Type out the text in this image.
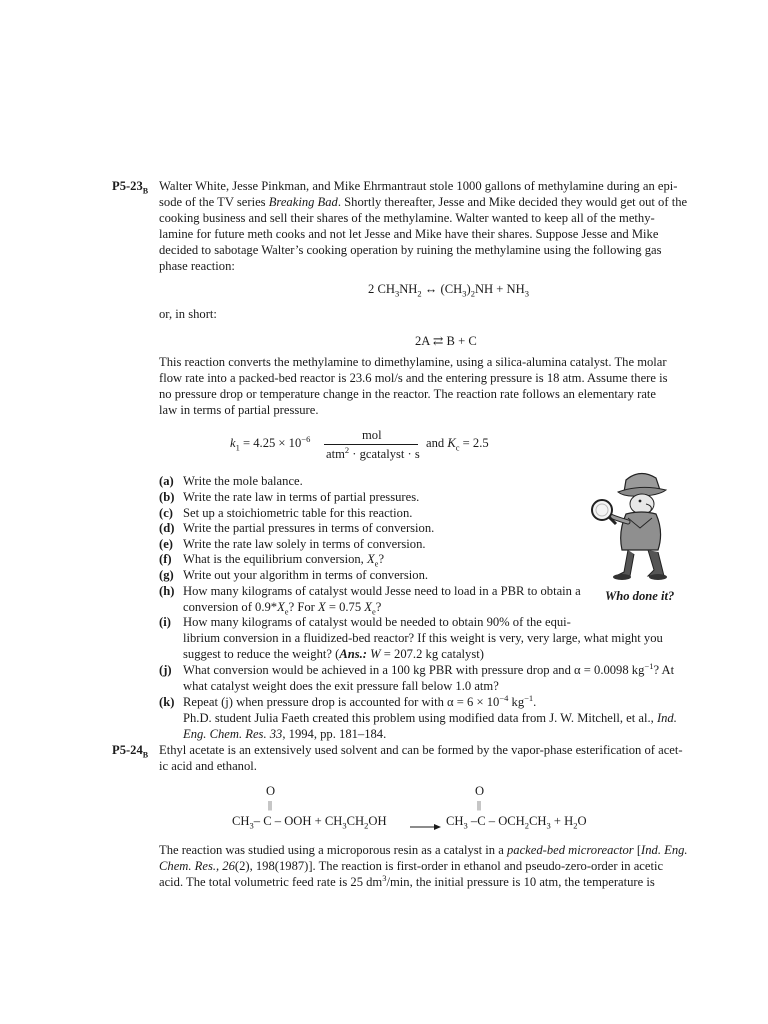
$P5-23_B$ Walter White, Jesse Pinkman, and Mike Ehrmantraut stole 1000 gallons of methylamine during an epi-
sode of the TV series Breaking Bad. Shortly thereafter, Jesse and Mike decided they would get out of the
cooking business and sell their shares of the methylamine. Walter wanted to keep all of the methy-
lamine for future meth cooks and not let Jesse and Mike have their shares. Suppose Jesse and Mike
decided to sabotage Walter’s cooking operation by ruining the methylamine using the following gas
phase reaction:
2 $CH_3NH_2$ ↔ $(CH_3)_2NH + NH_3$
or, in short:
2A ⇄ B + C
This reaction converts the methylamine to dimethylamine, using a silica-alumina catalyst. The molar
flow rate into a packed-bed reactor is 23.6 mol/s and the entering pressure is 18 atm. Assume there is
no pressure drop or temperature change in the reactor. The reaction rate follows an elementary rate
law in terms of partial pressure.
$k_1 = 4.25 \times 10^{-6}$	mol
atm$^2$ · gcatalyst · s
and $K_c = 2.5$
(a) Write the mole balance.
(b) Write the rate law in terms of partial pressures.
(c) Set up a stoichiometric table for this reaction.
(d) Write the partial pressures in terms of conversion.
(e) Write the rate law solely in terms of conversion.
(f) What is the equilibrium conversion, $X_e$?
(g) Write out your algorithm in terms of conversion.
(h) How many kilograms of catalyst would Jesse need to load in a PBR to obtain a
conversion of $0.9*X_e$? For X = 0.75 $X_e$?
(i) How many kilograms of catalyst would be needed to obtain 90% of the equi-
librium conversion in a fluidized-bed reactor? If this weight is very, very large, what might you
suggest to reduce the weight? (Ans.: W = 207.2 kg catalyst)
(j) What conversion would be achieved in a 100 kg PBR with pressure drop and α = 0.0098 $kg^{-1}$? At
what catalyst weight does the exit pressure fall below 1.0 atm?
(k) Repeat (j) when pressure drop is accounted for with $\alpha = 6 \times 10^{-4}$ $kg^{-1}$.
Ph.D. student Julia Faeth created this problem using modified data from J. W. Mitchell, et al., Ind.
Eng. Chem. Res. 33, 1994, pp. 181–184.
Who done it?
$P5-24_B$ Ethyl acetate is an extensively used solvent and can be formed by the vapor-phase esterification of acet-
ic acid and ethanol.
O	O
||	||
$CH_3-$ C – OOH + $CH_3CH_2OH$	$CH_3$ $-C - OCH_2CH_3 + H_2O$
The reaction was studied using a microporous resin as a catalyst in a packed-bed microreactor [Ind. Eng.
Chem. Res., 26(2), 198(1987)]. The reaction is first-order in ethanol and pseudo-zero-order in acetic
acid. The total volumetric feed rate is 25 $dm^3/\min$, the initial pressure is 10 atm, the temperature is
